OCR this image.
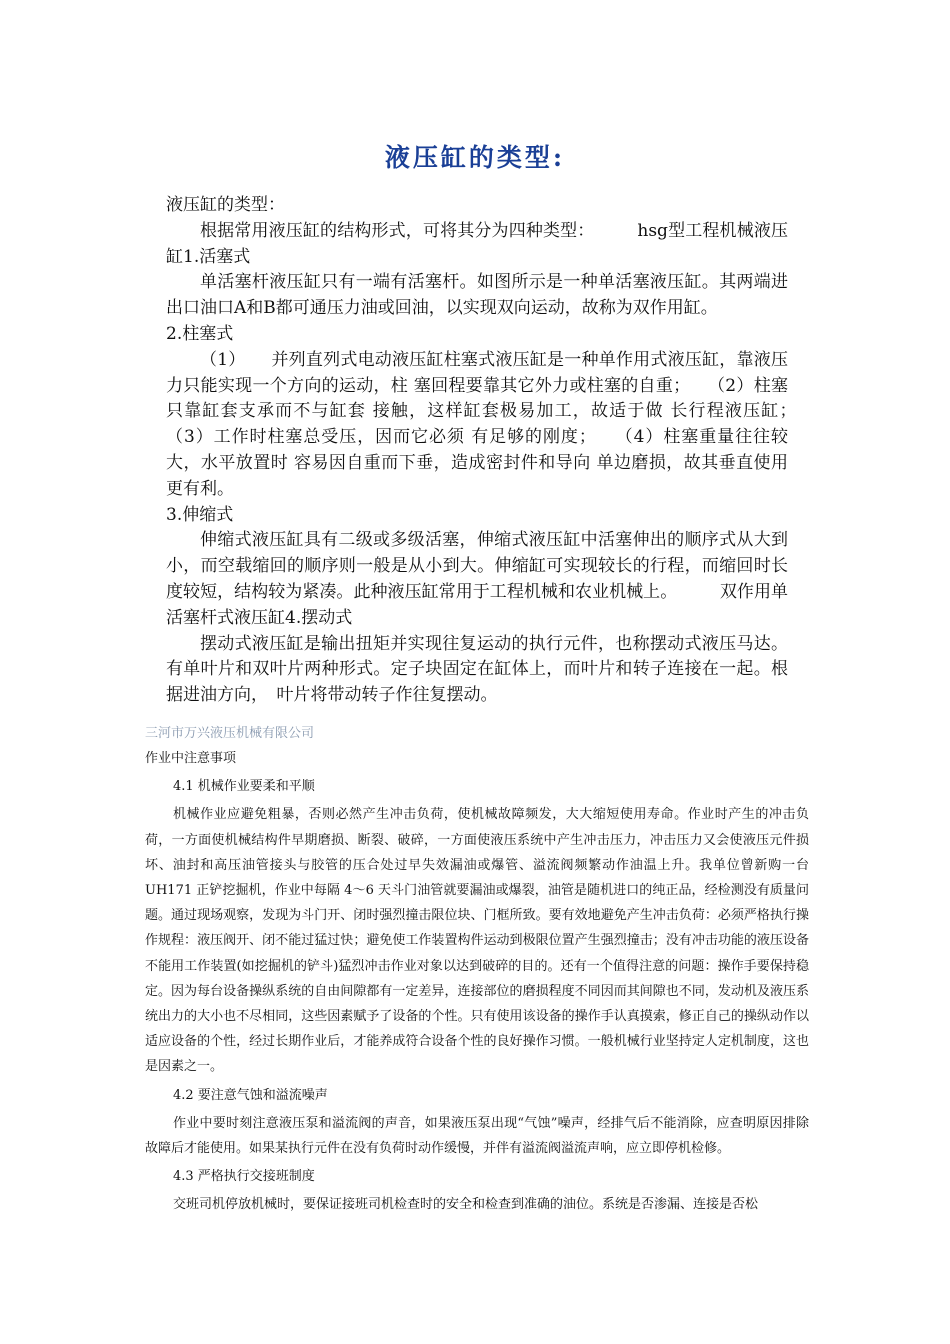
液压缸的类型:

液压缸的类型：

根据常用液压缸的结构形式，可将其分为四种类型：　　　hsg型工程机械液压缸1.活塞式

单活塞杆液压缸只有一端有活塞杆。如图所示是一种单活塞液压缸。其两端进出口油口A和B都可通压力油或回油，以实现双向运动，故称为双作用缸。

2.柱塞式

（1）　　并列直列式电动液压缸柱塞式液压缸是一种单作用式液压缸，靠液压力只能实现一个方向的运动，柱 塞回程要靠其它外力或柱塞的自重；　　（2）柱塞只靠缸套支承而不与缸套 接触，这样缸套极易加工，故适于做 长行程液压缸；　　（3）工作时柱塞总受压，因而它必须 有足够的刚度；　　（4）柱塞重量往往较大，水平放置时 容易因自重而下垂，造成密封件和导向 单边磨损，故其垂直使用更有利。

3.伸缩式

伸缩式液压缸具有二级或多级活塞，伸缩式液压缸中活塞伸出的顺序式从大到小，而空载缩回的顺序则一般是从小到大。伸缩缸可实现较长的行程，而缩回时长度较短，结构较为紧凑。此种液压缸常用于工程机械和农业机械上。　　　双作用单活塞杆式液压缸4.摆动式

摆动式液压缸是输出扭矩并实现往复运动的执行元件，也称摆动式液压马达。有单叶片和双叶片两种形式。定子块固定在缸体上，而叶片和转子连接在一起。根据进油方向，　叶片将带动转子作往复摆动。

三河市万兴液压机械有限公司

作业中注意事项

4.1 机械作业要柔和平顺

机械作业应避免粗暴，否则必然产生冲击负荷，使机械故障频发，大大缩短使用寿命。作业时产生的冲击负荷，一方面使机械结构件早期磨损、断裂、破碎，一方面使液压系统中产生冲击压力，冲击压力又会使液压元件损坏、油封和高压油管接头与胶管的压合处过早失效漏油或爆管、溢流阀频繁动作油温上升。我单位曾新购一台 UH171 正铲挖掘机，作业中每隔 4～6 天斗门油管就要漏油或爆裂，油管是随机进口的纯正品，经检测没有质量问题。通过现场观察，发现为斗门开、闭时强烈撞击限位块、门框所致。要有效地避免产生冲击负荷：必须严格执行操作规程：液压阀开、闭不能过猛过快；避免使工作装置构件运动到极限位置产生强烈撞击；没有冲击功能的液压设备不能用工作装置(如挖掘机的铲斗)猛烈冲击作业对象以达到破碎的目的。还有一个值得注意的问题：操作手要保持稳定。因为每台设备操纵系统的自由间隙都有一定差异，连接部位的磨损程度不同因而其间隙也不同，发动机及液压系统出力的大小也不尽相同，这些因素赋予了设备的个性。只有使用该设备的操作手认真摸索，修正自己的操纵动作以适应设备的个性，经过长期作业后，才能养成符合设备个性的良好操作习惯。一般机械行业坚持定人定机制度，这也是因素之一。

4.2 要注意气蚀和溢流噪声

作业中要时刻注意液压泵和溢流阀的声音，如果液压泵出现“气蚀”噪声，经排气后不能消除，应查明原因排除故障后才能使用。如果某执行元件在没有负荷时动作缓慢，并伴有溢流阀溢流声响，应立即停机检修。

4.3 严格执行交接班制度

交班司机停放机械时，要保证接班司机检查时的安全和检查到准确的油位。系统是否渗漏、连接是否松
